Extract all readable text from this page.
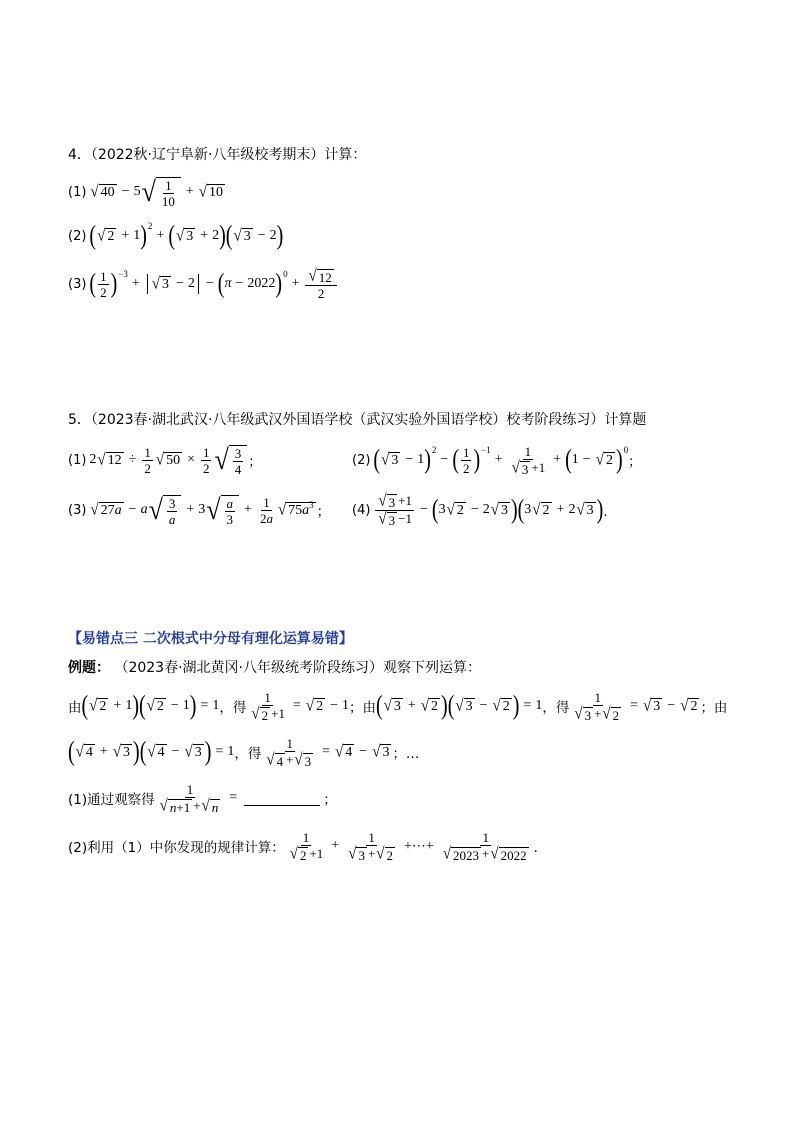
4．（2022秋·辽宁阜新·八年级校考期末）计算：
(1) √ 40 − 5 √ $\frac{1}{10}$ + √ 10
(2) ( √ 2 + 1 ) 2
+ ( √ 3 + 2 ) ( √ 3 − 2 )
(3) ( $\frac{1}{2}$ ) −3
+ √ 3 − 2 − ( π − 2022 ) 0
+ $\frac{√ 12}{2}$
5．（2023春·湖北武汉·八年级武汉外国语学校（武汉实验外国语学校）校考阶段练习）计算题
(1) 2 √ $12 \div \frac{1}{2}$ √ $50 \times \frac{1}{2}$ √ $\frac{3}{4}$ ；	(2) ( √ 3 − 1 ) 2
− ( $\frac{1}{2}$ ) −1
+ $\frac{1}{√ 3 +1}$ + ( 1 − √ 2 ) 0
；
(3) √ 27 a − a √ $\frac{3}{a} + 3$ √ $\frac{a}{3} + \frac{1}{2a}$ √ 75 a 3 ； $(4) \frac{√ 3 +1}{√ 3 -1}$ − ( 3 √ 2 − 2 √ 3 ) ( 3 √ 2 + 2 √ 3 ) ．
【易错点三 二次根式中分母有理化运算易错】
例题： （2023春·湖北黄冈·八年级统考阶段练习）观察下列运算：
由 ( √ 2 + 1 ) ( √ 2 − 1 ) = 1 ，得 $\frac{1}{√ 2 +1}$ = √ 2 − 1 ；由 ( √ 3 + √ 2 ) ( √ 3 − √ 2 ) = 1 ，得 $\frac{1}{√ 3 + √ 2}$ = √ 3 − √ 2 ；由
( √ 4 + √ 3 ) ( √ 4 − √ 3 ) = 1 ，得 $\frac{1}{√ 4 + √ 3}$ = √ 4 − √ 3 ；…
(1)通过观察得 $\frac{1}{√ n +1 + √ n}$ =	；
(2)利用（1）中你发现的规律计算： $\frac{1}{√ 2 +1} + \frac{1}{√ 3 + √ 2}$ +⋯+ $\frac{1}{√ 2023 + √ 2022}$ ．
